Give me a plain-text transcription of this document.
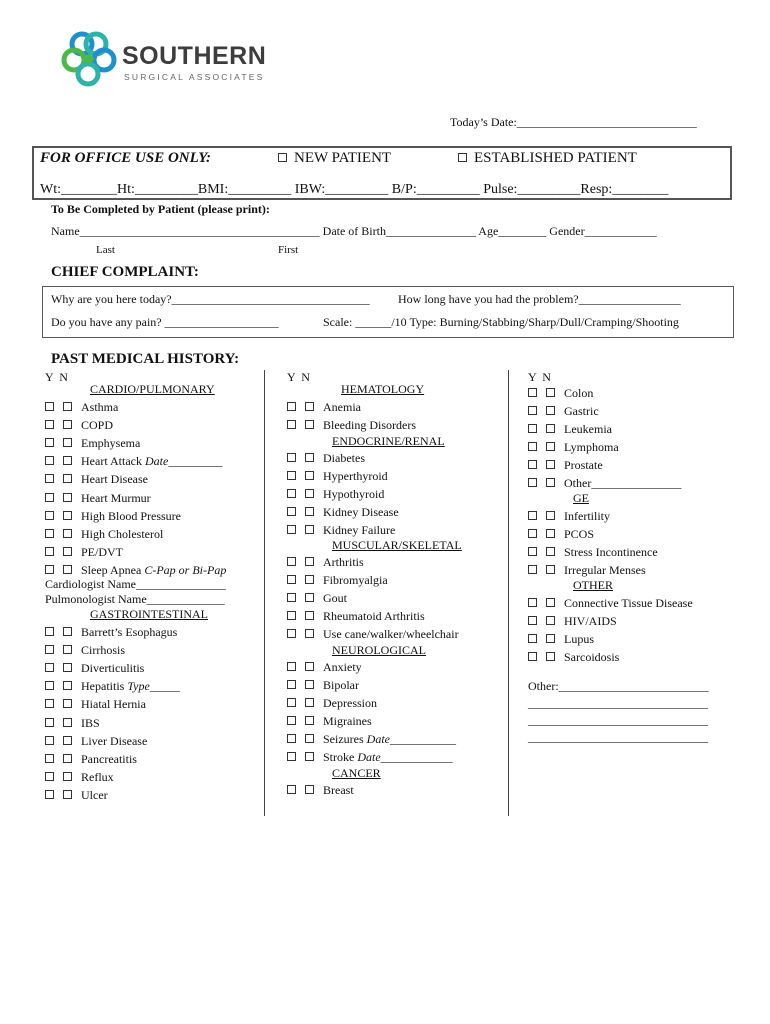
SOUTHERN
SURGICAL ASSOCIATES
Today’s Date:______________________________
FOR OFFICE USE ONLY:	NEW PATIENT	ESTABLISHED PATIENT
Wt:________Ht:_________BMI:_________ IBW:_________ B/P:_________ Pulse:_________Resp:________
To Be Completed by Patient (please print):
Name________________________________________ Date of Birth_______________ Age________ Gender____________
Last	First
CHIEF COMPLAINT:
Why are you here today?_________________________________ How long have you had the problem?_________________
Do you have any pain? ___________________	Scale: ______/10 Type: Burning/Stabbing/Sharp/Dull/Cramping/Shooting
PAST MEDICAL HISTORY:
Y  N
CARDIO/PULMONARY
Asthma
COPD
Emphysema
Heart Attack Date_________
Heart Disease
Heart Murmur
High Blood Pressure
High Cholesterol
PE/DVT
Sleep Apnea C-Pap or Bi-Pap
Cardiologist Name_______________
Pulmonologist Name_____________
GASTROINTESTINAL
Barrett’s Esophagus
Cirrhosis
Diverticulitis
Hepatitis Type_____
Hiatal Hernia
IBS
Liver Disease
Pancreatitis
Reflux
Ulcer
Y  N
HEMATOLOGY
Anemia
Bleeding Disorders
ENDOCRINE/RENAL
Diabetes
Hyperthyroid
Hypothyroid
Kidney Disease
Kidney Failure
MUSCULAR/SKELETAL
Arthritis
Fibromyalgia
Gout
Rheumatoid Arthritis
Use cane/walker/wheelchair
NEUROLOGICAL
Anxiety
Bipolar
Depression
Migraines
Seizures Date___________
Stroke Date____________
CANCER
Breast
Y  N
Colon
Gastric
Leukemia
Lymphoma
Prostate
Other_______________
GE
Infertility
PCOS
Stress Incontinence
Irregular Menses
OTHER
Connective Tissue Disease
HIV/AIDS
Lupus
Sarcoidosis
Other:_________________________
______________________________
______________________________
______________________________
